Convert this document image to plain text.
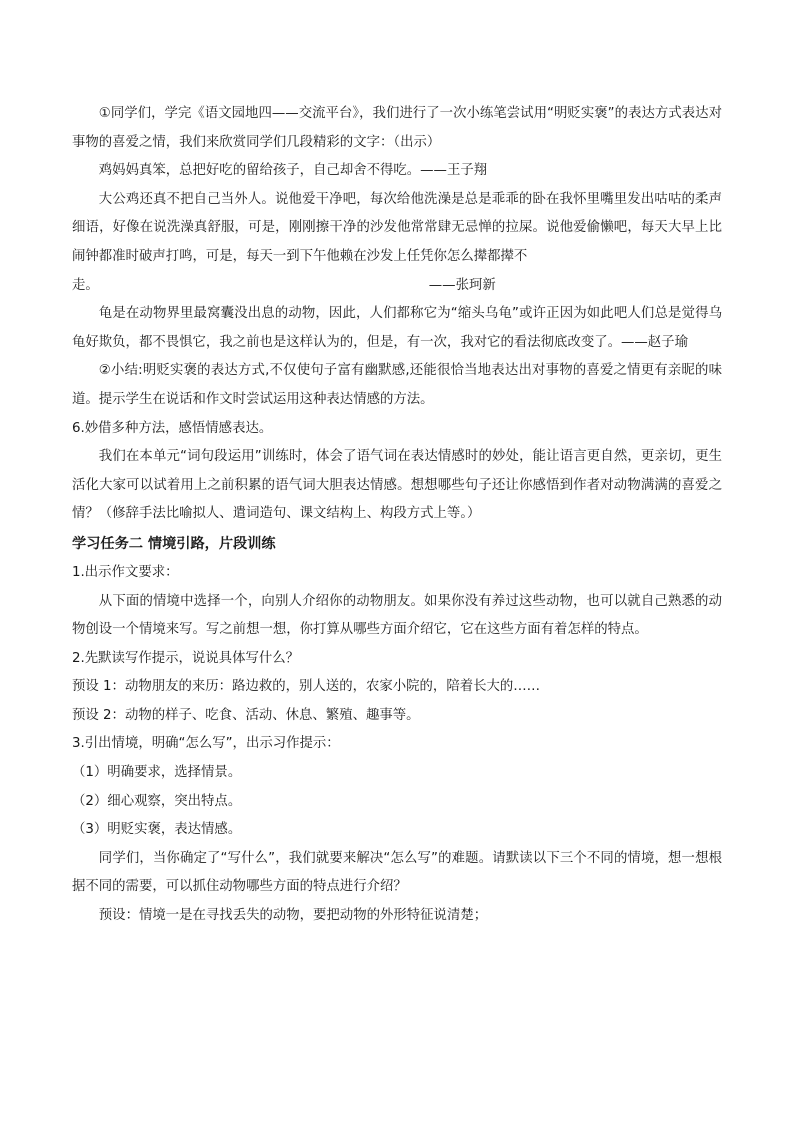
①同学们，学完《语文园地四——交流平台》，我们进行了一次小练笔尝试用“明贬实褒”的表达方式表达对事物的喜爱之情，我们来欣赏同学们几段精彩的文字：（出示）

鸡妈妈真笨，总把好吃的留给孩子，自己却舍不得吃。——王子翔

大公鸡还真不把自己当外人。说他爱干净吧，每次给他洗澡是总是乖乖的卧在我怀里嘴里发出咕咕的柔声细语，好像在说洗澡真舒服，可是，刚刚擦干净的沙发他常常肆无忌惮的拉屎。说他爱偷懒吧，每天大早上比闹钟都准时破声打鸣，可是，每天一到下午他赖在沙发上任凭你怎么撵都撵不

走。	——张珂新

龟是在动物界里最窝囊没出息的动物，因此，人们都称它为“缩头乌龟”或许正因为如此吧人们总是觉得乌龟好欺负，都不畏惧它，我之前也是这样认为的，但是，有一次，我对它的看法彻底改变了。——赵子瑜

②小结:明贬实褒的表达方式,不仅使句子富有幽默感,还能很恰当地表达出对事物的喜爱之情更有亲昵的味道。提示学生在说话和作文时尝试运用这种表达情感的方法。

6.妙借多种方法，感悟情感表达。

我们在本单元“词句段运用”训练时，体会了语气词在表达情感时的妙处，能让语言更自然，更亲切，更生活化大家可以试着用上之前积累的语气词大胆表达情感。想想哪些句子还让你感悟到作者对动物满满的喜爱之情？（修辞手法比喻拟人、遣词造句、课文结构上、构段方式上等。）

学习任务二 情境引路，片段训练

1.出示作文要求：

从下面的情境中选择一个，向别人介绍你的动物朋友。如果你没有养过这些动物，也可以就自己熟悉的动物创设一个情境来写。写之前想一想，你打算从哪些方面介绍它，它在这些方面有着怎样的特点。

2.先默读写作提示，说说具体写什么？

预设 1：动物朋友的来历：路边救的，别人送的，农家小院的，陪着长大的……

预设 2：动物的样子、吃食、活动、休息、繁殖、趣事等。

3.引出情境，明确“怎么写”，出示习作提示：

（1）明确要求，选择情景。

（2）细心观察，突出特点。

（3）明贬实褒，表达情感。

同学们，当你确定了“写什么”，我们就要来解决“怎么写”的难题。请默读以下三个不同的情境，想一想根据不同的需要，可以抓住动物哪些方面的特点进行介绍？

预设：情境一是在寻找丢失的动物，要把动物的外形特征说清楚；
